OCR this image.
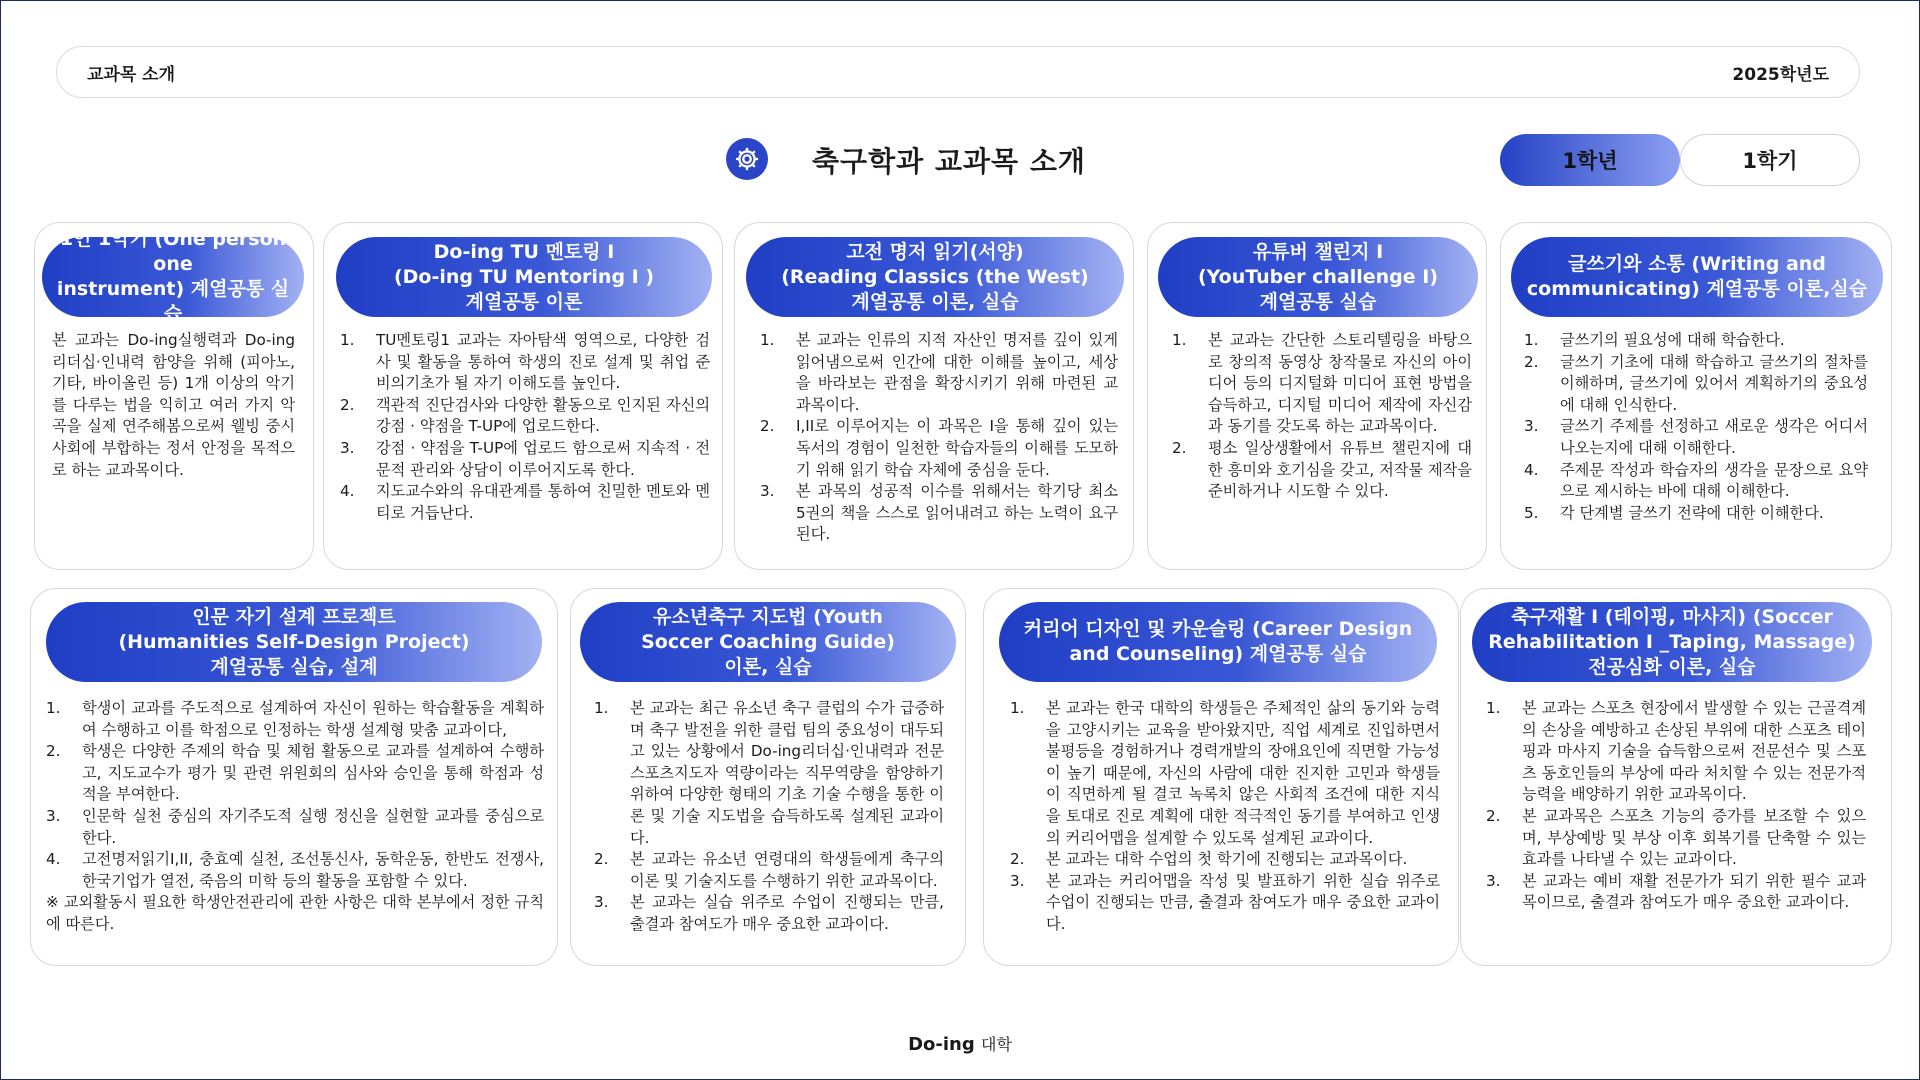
교과목 소개	2025학년도
축구학과 교과목 소개	1학년	1학기
1인 1악기 (One person one
instrument) 계열공통 실습

본 교과는 Do-ing실행력과 Do-ing 리더십·인내력 함양을 위해 (피아노, 기타, 바이올린 등) 1개 이상의 악기를 다루는 법을 익히고 여러 가지 악곡을 실제 연주해봄으로써 웰빙 중시 사회에 부합하는 정서 안정을 목적으로 하는 교과목이다.

Do-ing TU 멘토링 I
(Do-ing TU Mentoring I )
계열공통 이론
1. TU멘토링1 교과는 자아탐색 영역으로, 다양한 검사 및 활동을 통하여 학생의 진로 설계 및 취업 준비의기초가 될 자기 이해도를 높인다.
2. 객관적 진단검사와 다양한 활동으로 인지된 자신의 강점 · 약점을 T-UP에 업로드한다.
3. 강점 · 약점을 T-UP에 업로드 함으로써 지속적 · 전문적 관리와 상담이 이루어지도록 한다.
4. 지도교수와의 유대관계를 통하여 친밀한 멘토와 멘티로 거듭난다.
고전 명저 읽기(서양)
(Reading Classics (the West)
계열공통 이론, 실습
1. 본 교과는 인류의 지적 자산인 명저를 깊이 있게 읽어냄으로써 인간에 대한 이해를 높이고, 세상을 바라보는 관점을 확장시키기 위해 마련된 교과목이다.
2. I,II로 이루어지는 이 과목은 I을 통해 깊이 있는 독서의 경험이 일천한 학습자들의 이해를 도모하기 위해 읽기 학습 자체에 중심을 둔다.
3. 본 과목의 성공적 이수를 위해서는 학기당 최소 5권의 책을 스스로 읽어내려고 하는 노력이 요구된다.
유튜버 챌린지 I
(YouTuber challenge Ⅰ)
계열공통 실습
1. 본 교과는 간단한 스토리텔링을 바탕으로 창의적 동영상 창작물로 자신의 아이디어 등의 디지털화 미디어 표현 방법을 습득하고, 디지털 미디어 제작에 자신감과 동기를 갖도록 하는 교과목이다.
2. 평소 일상생활에서 유튜브 챌린지에 대한 흥미와 호기심을 갖고, 저작물 제작을 준비하거나 시도할 수 있다.
글쓰기와 소통 (Writing and
communicating) 계열공통 이론,실습
1. 글쓰기의 필요성에 대해 학습한다.
2. 글쓰기 기초에 대해 학습하고 글쓰기의 절차를 이해하며, 글쓰기에 있어서 계획하기의 중요성에 대해 인식한다.
3. 글쓰기 주제를 선정하고 새로운 생각은 어디서 나오는지에 대해 이해한다.
4. 주제문 작성과 학습자의 생각을 문장으로 요약으로 제시하는 바에 대해 이해한다.
5. 각 단계별 글쓰기 전략에 대한 이해한다.
인문 자기 설계 프로젝트
(Humanities Self-Design Project)
계열공통 실습, 설계
1. 학생이 교과를 주도적으로 설계하여 자신이 원하는 학습활동을 계획하여 수행하고 이를 학점으로 인정하는 학생 설계형 맞춤 교과이다,
2. 학생은 다양한 주제의 학습 및 체험 활동으로 교과를 설계하여 수행하고, 지도교수가 평가 및 관련 위원회의 심사와 승인을 통해 학점과 성적을 부여한다.
3. 인문학 실천 중심의 자기주도적 실행 정신을 실현할 교과를 중심으로 한다.
4. 고전명저읽기I,II, 충효예 실천, 조선통신사, 동학운동, 한반도 전쟁사, 한국기업가 열전, 죽음의 미학 등의 활동을 포함할 수 있다.
※ 교외활동시 필요한 학생안전관리에 관한 사항은 대학 본부에서 정한 규칙에 따른다.
유소년축구 지도법 (Youth
Soccer Coaching Guide)
이론, 실습
1. 본 교과는 최근 유소년 축구 클럽의 수가 급증하며 축구 발전을 위한 클럽 팀의 중요성이 대두되고 있는 상황에서 Do-ing리더십·인내력과 전문스포츠지도자 역량이라는 직무역량을 함양하기 위하여 다양한 형태의 기초 기술 수행을 통한 이론 및 기술 지도법을 습득하도록 설계된 교과이다.
2. 본 교과는 유소년 연령대의 학생들에게 축구의 이론 및 기술지도를 수행하기 위한 교과목이다.
3. 본 교과는 실습 위주로 수업이 진행되는 만큼, 출결과 참여도가 매우 중요한 교과이다.
커리어 디자인 및 카운슬링 (Career Design
and Counseling) 계열공통 실습
1. 본 교과는 한국 대학의 학생들은 주체적인 삶의 동기와 능력을 고양시키는 교육을 받아왔지만, 직업 세계로 진입하면서 불평등을 경험하거나 경력개발의 장애요인에 직면할 가능성이 높기 때문에, 자신의 사람에 대한 진지한 고민과 학생들이 직면하게 될 결코 녹록치 않은 사회적 조건에 대한 지식을 토대로 진로 계획에 대한 적극적인 동기를 부여하고 인생의 커리어맵을 설계할 수 있도록 설계된 교과이다.
2. 본 교과는 대학 수업의 첫 학기에 진행되는 교과목이다.
3. 본 교과는 커리어맵을 작성 및 발표하기 위한 실습 위주로 수업이 진행되는 만큼, 출결과 참여도가 매우 중요한 교과이다.
축구재활 I (테이핑, 마사지) (Soccer
Rehabilitation I _Taping, Massage)
전공심화 이론, 실습
1. 본 교과는 스포츠 현장에서 발생할 수 있는 근골격계의 손상을 예방하고 손상된 부위에 대한 스포츠 테이핑과 마사지 기술을 습득함으로써 전문선수 및 스포츠 동호인들의 부상에 따라 처치할 수 있는 전문가적 능력을 배양하기 위한 교과목이다.
2. 본 교과목은 스포츠 기능의 증가를 보조할 수 있으며, 부상예방 및 부상 이후 회복기를 단축할 수 있는 효과를 나타낼 수 있는 교과이다.
3. 본 교과는 예비 재활 전문가가 되기 위한 필수 교과목이므로, 출결과 참여도가 매우 중요한 교과이다.
Do-ing 대학
